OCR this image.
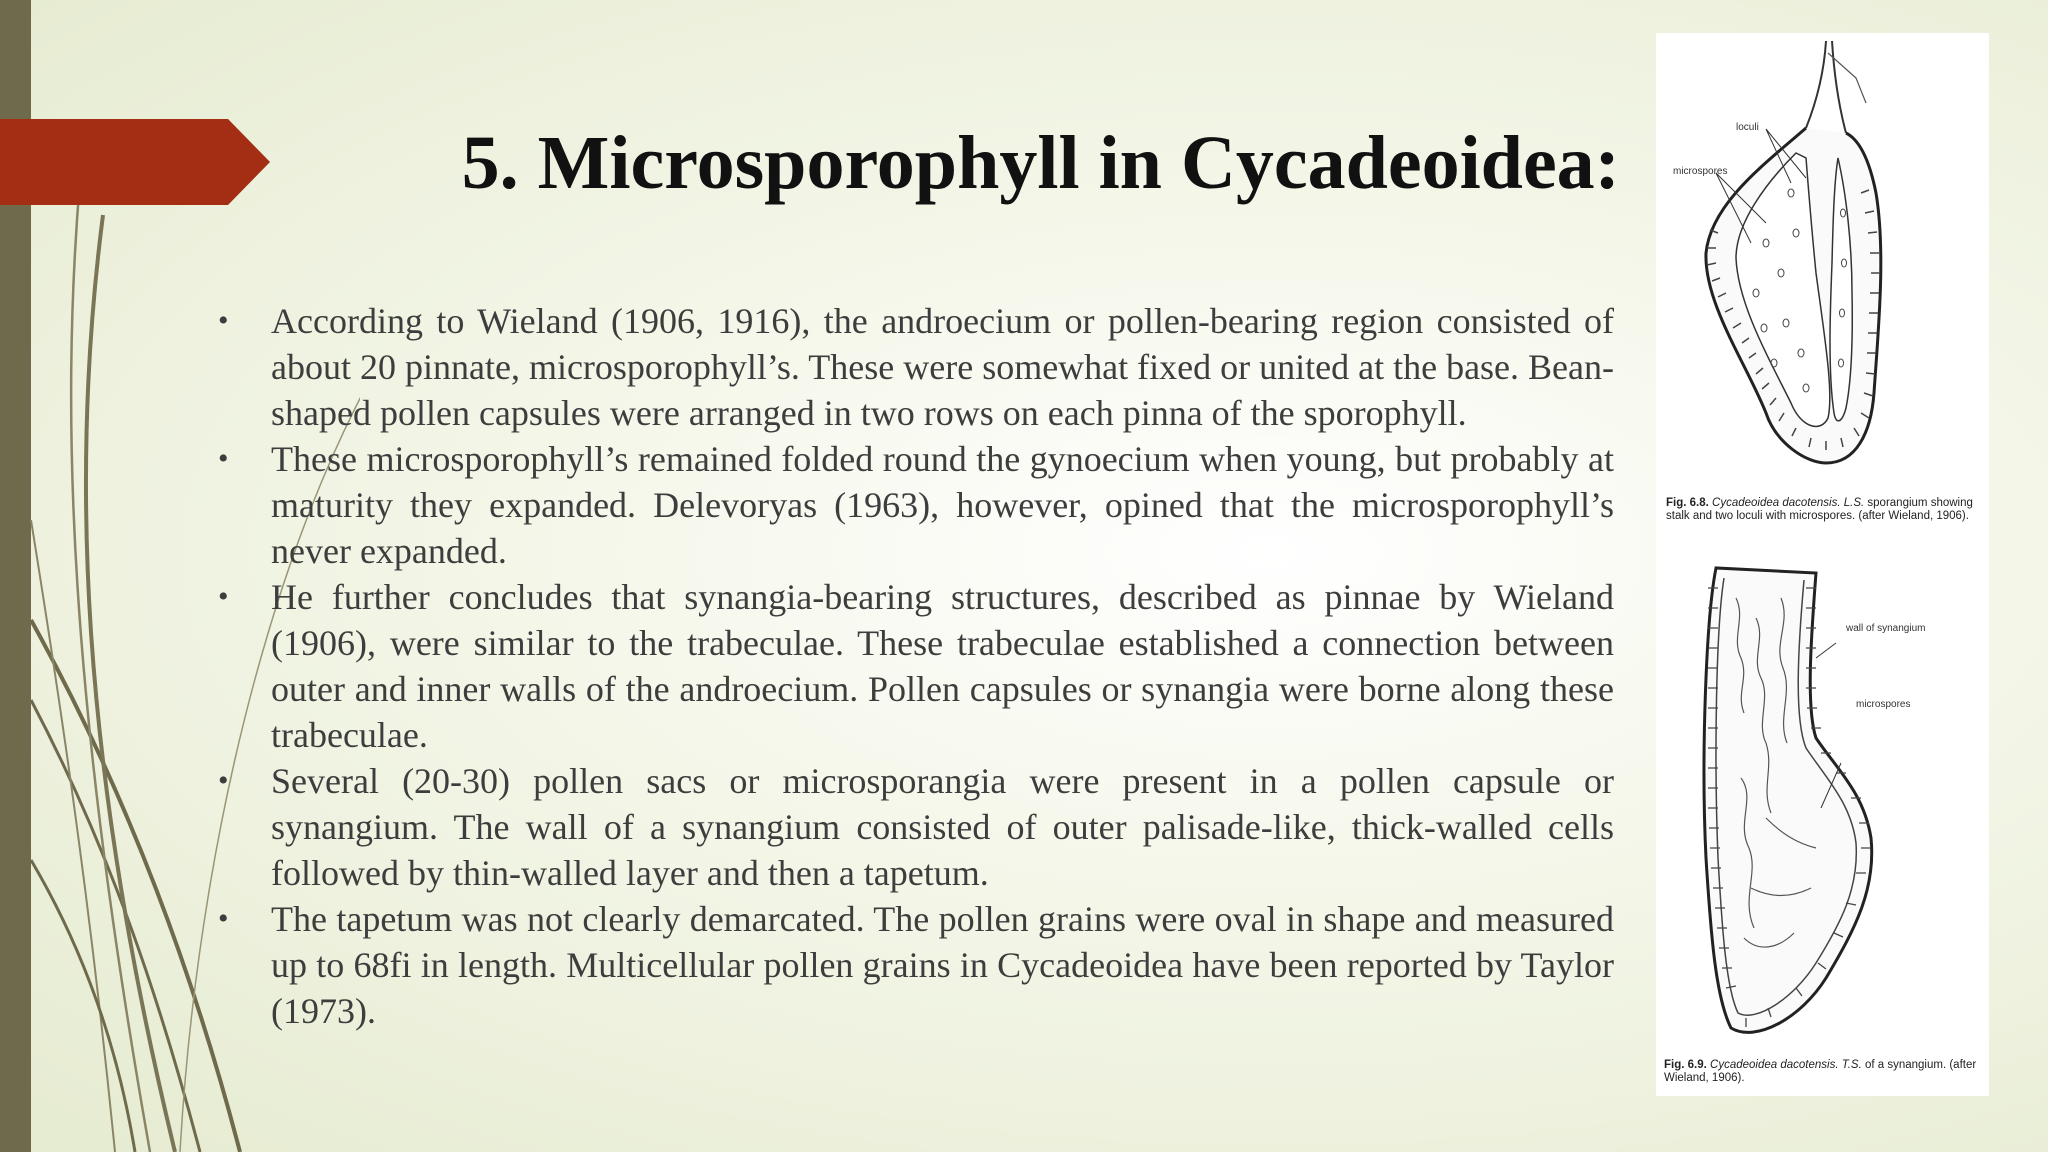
5. Microsporophyll in Cycadeoidea:
• According to Wieland (1906, 1916), the androecium or pollen-bearing region consisted of about 20 pinnate, microsporophyll’s. These were somewhat fixed or united at the base. Bean-shaped pollen capsules were arranged in two rows on each pinna of the sporophyll.
• These microsporophyll’s remained folded round the gynoecium when young, but probably at maturity they expanded. Delevoryas (1963), however, opined that the microsporophyll’s never expanded.
• He further concludes that synangia-bearing structures, described as pinnae by Wieland (1906), were similar to the trabeculae. These trabeculae established a connection between outer and inner walls of the androecium. Pollen capsules or synangia were borne along these trabeculae.
• Several (20-30) pollen sacs or microsporangia were present in a pollen capsule or synangium. The wall of a synangium consisted of outer palisade-like, thick-walled cells followed by thin-walled layer and then a tapetum.
• The tapetum was not clearly demarcated. The pollen grains were oval in shape and measured up to 68fi in length. Multicellular pollen grains in Cycadeoidea have been reported by Taylor (1973).
loculi
microspores
Fig. 6.8. Cycadeoidea dacotensis. L.S. sporangium showing stalk and two loculi with microspores. (after Wieland, 1906).
wall of synangium
microspores
Fig. 6.9. Cycadeoidea dacotensis. T.S. of a synangium. (after Wieland, 1906).
